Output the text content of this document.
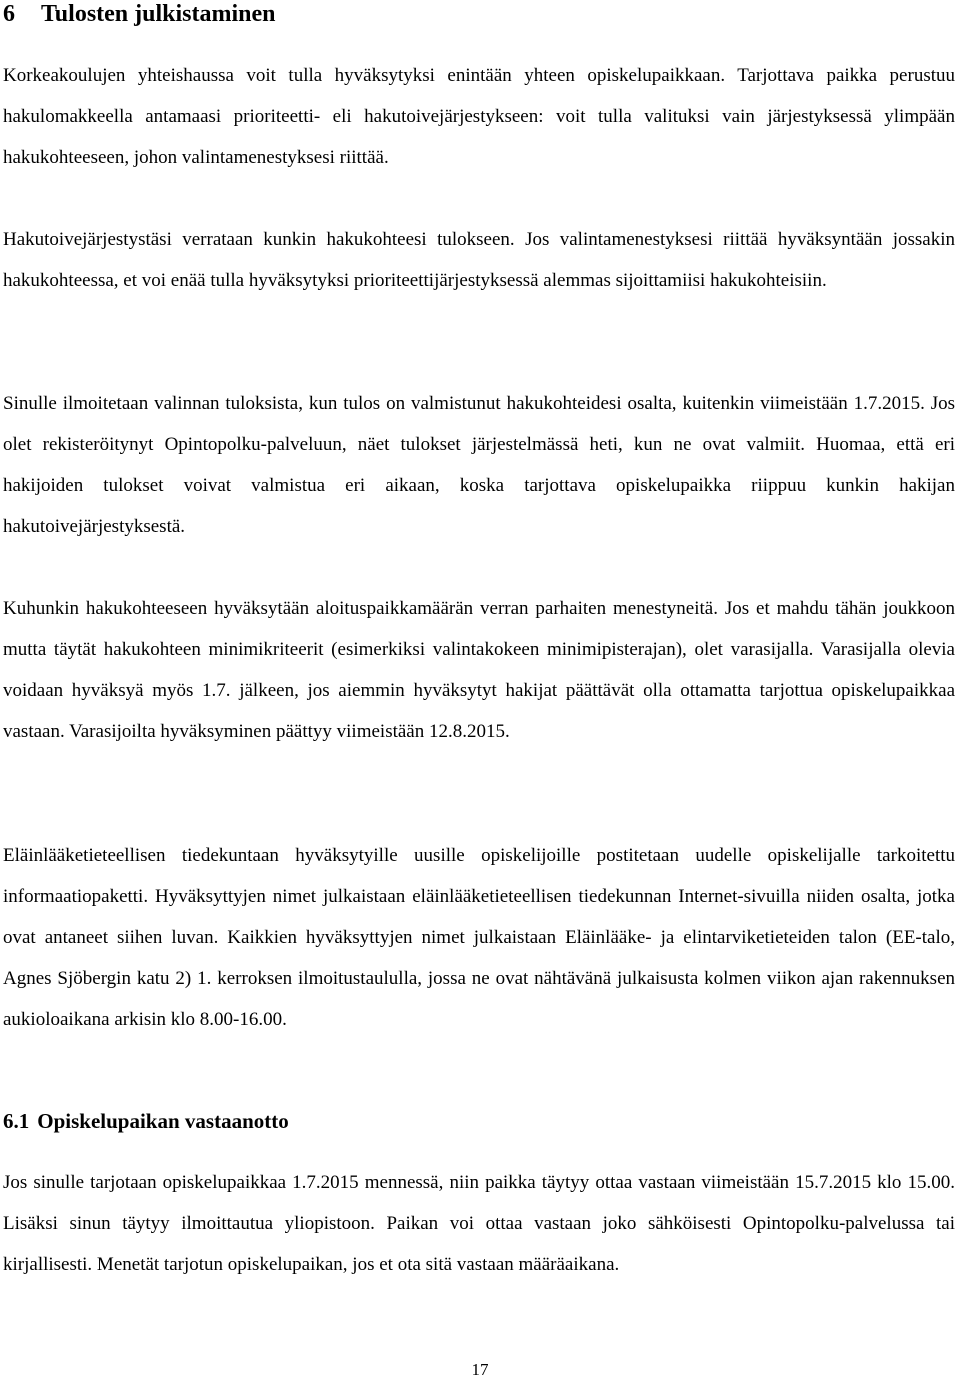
6 Tulosten julkistaminen

Korkeakoulujen yhteishaussa voit tulla hyväksytyksi enintään yhteen opiskelupaikkaan. Tarjottava paikka perustuu hakulomakkeella antamaasi prioriteetti- eli hakutoivejärjestykseen: voit tulla valituksi vain järjestyksessä ylimpään hakukohteeseen, johon valintamenestyksesi riittää.

Hakutoivejärjestystäsi verrataan kunkin hakukohteesi tulokseen. Jos valintamenestyksesi riittää hyväksyntään jossakin hakukohteessa, et voi enää tulla hyväksytyksi prioriteettijärjestyksessä alemmas sijoittamiisi hakukohteisiin.

Sinulle ilmoitetaan valinnan tuloksista, kun tulos on valmistunut hakukohteidesi osalta, kuitenkin viimeistään 1.7.2015. Jos olet rekisteröitynyt Opintopolku-palveluun, näet tulokset järjestelmässä heti, kun ne ovat valmiit. Huomaa, että eri hakijoiden tulokset voivat valmistua eri aikaan, koska tarjottava opiskelupaikka riippuu kunkin hakijan hakutoivejärjestyksestä.

Kuhunkin hakukohteeseen hyväksytään aloituspaikkamäärän verran parhaiten menestyneitä. Jos et mahdu tähän joukkoon mutta täytät hakukohteen minimikriteerit (esimerkiksi valintakokeen minimipisterajan), olet varasijalla. Varasijalla olevia voidaan hyväksyä myös 1.7. jälkeen, jos aiemmin hyväksytyt hakijat päättävät olla ottamatta tarjottua opiskelupaikkaa vastaan. Varasijoilta hyväksyminen päättyy viimeistään 12.8.2015.

Eläinlääketieteellisen tiedekuntaan hyväksytyille uusille opiskelijoille postitetaan uudelle opiskelijalle tarkoitettu informaatiopaketti. Hyväksyttyjen nimet julkaistaan eläinlääketieteellisen tiedekunnan Internet-sivuilla niiden osalta, jotka ovat antaneet siihen luvan. Kaikkien hyväksyttyjen nimet julkaistaan Eläinlääke- ja elintarviketieteiden talon (EE-talo, Agnes Sjöbergin katu 2) 1. kerroksen ilmoitustaululla, jossa ne ovat nähtävänä julkaisusta kolmen viikon ajan rakennuksen aukioloaikana arkisin klo 8.00-16.00.

6.1 Opiskelupaikan vastaanotto

Jos sinulle tarjotaan opiskelupaikkaa 1.7.2015 mennessä, niin paikka täytyy ottaa vastaan viimeistään 15.7.2015 klo 15.00. Lisäksi sinun täytyy ilmoittautua yliopistoon. Paikan voi ottaa vastaan joko sähköisesti Opintopolku-palvelussa tai kirjallisesti. Menetät tarjotun opiskelupaikan, jos et ota sitä vastaan määräaikana.

17
